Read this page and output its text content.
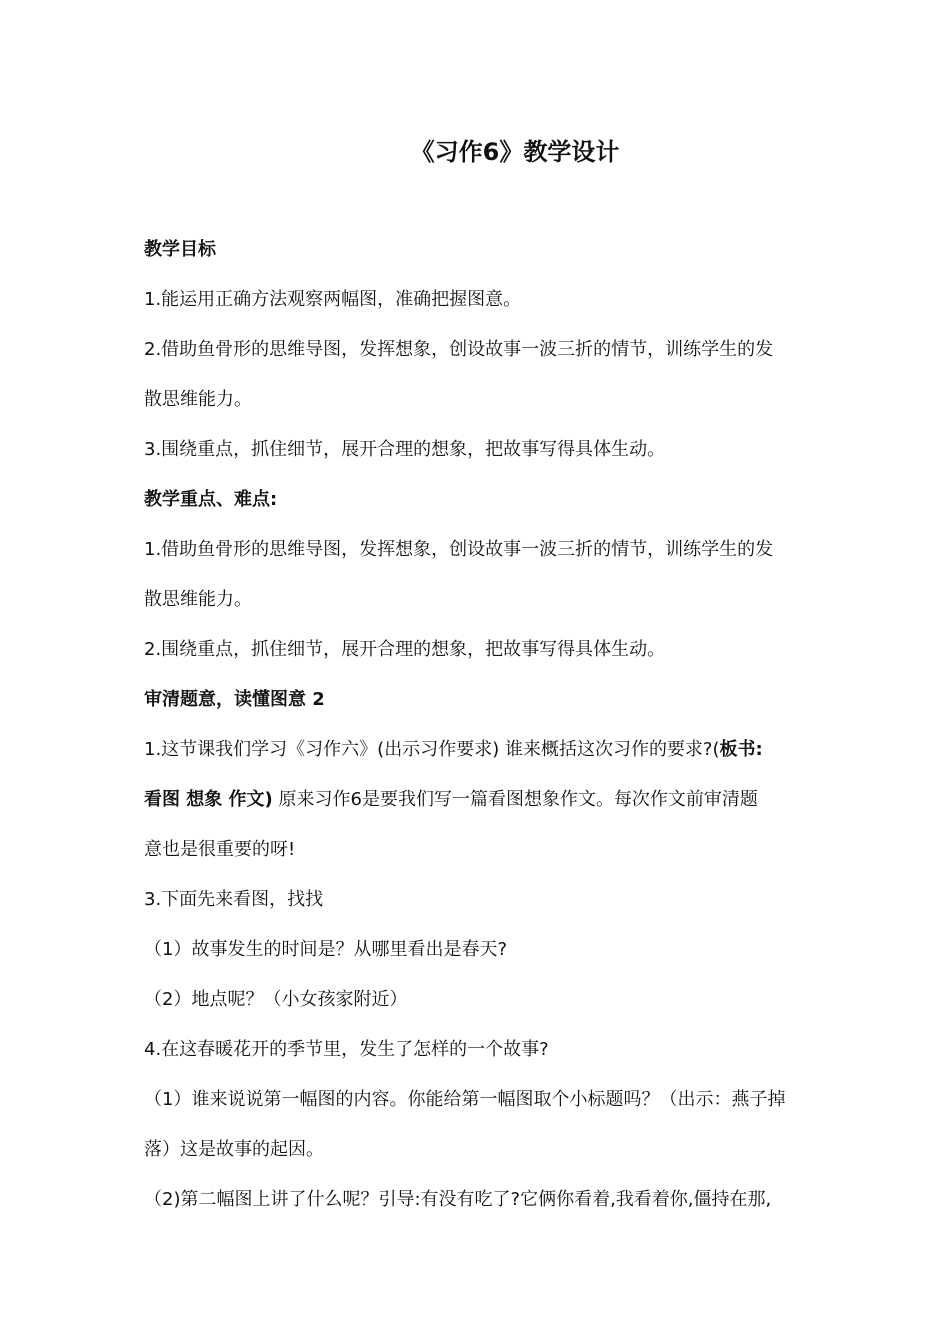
《习作6》教学设计
教学目标
1.能运用正确方法观察两幅图，准确把握图意。
2.借助鱼骨形的思维导图，发挥想象，创设故事一波三折的情节，训练学生的发
散思维能力。
3.围绕重点，抓住细节，展开合理的想象，把故事写得具体生动。
教学重点、难点:
1.借助鱼骨形的思维导图，发挥想象，创设故事一波三折的情节，训练学生的发
散思维能力。
2.围绕重点，抓住细节，展开合理的想象，把故事写得具体生动。
审清题意，读懂图意 2
1.这节课我们学习《习作六》(出示习作要求) 谁来概括这次习作的要求?(板书:
看图 想象 作文) 原来习作6是要我们写一篇看图想象作文。每次作文前审清题
意也是很重要的呀!
3.下面先来看图，找找
（1）故事发生的时间是？从哪里看出是春天?
（2）地点呢？（小女孩家附近）
4.在这春暖花开的季节里，发生了怎样的一个故事?
（1）谁来说说第一幅图的内容。你能给第一幅图取个小标题吗？（出示：燕子掉
落）这是故事的起因。
（2)第二幅图上讲了什么呢？引导:有没有吃了?它俩你看着,我看着你,僵持在那,
